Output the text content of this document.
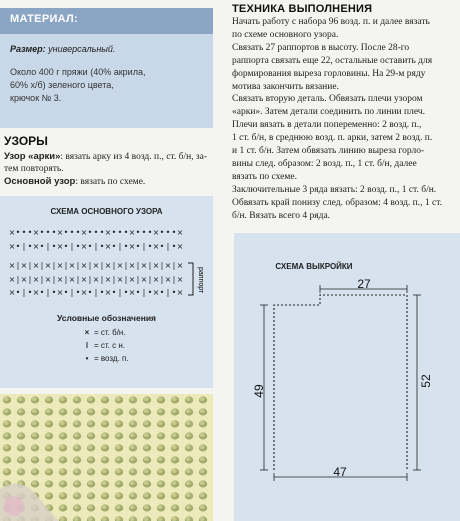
МАТЕРИАЛ:
Размер: универсальный.
Около 400 г пряжи (40% акрила,
60% х/б) зеленого цвета,
крючок № 3.
УЗОРЫ
Узор «арки»: вязать арку из 4 возд. п., ст. б/н, за-тем повторять.
Основной узор: вязать по схеме.
СХЕМА ОСНОВНОГО УЗОРА
× • • • × • • • × • • • × • • • × • • • × • • • × • • • ×
× • | • × • | • × • | • × • | • × • | • × • | • × • | • ×
× | × | × | × | × | × | × | × | × | × | × | × | × | × | ×
× | × | × | × | × | × | × | × | × | × | × | × | × | × | ×
× • | • × • | • × • | • × • | • × • | • × • | • × • | • × раппорт
Условные обозначения
× = ст. б/н.
ǀ = ст. с н.
• = возд. п.
ТЕХНИКА ВЫПОЛНЕНИЯ
Начать работу с набора 96 возд. п. и далее вязать
по схеме основного узора.
Связать 27 раппортов в высоту. После 28-го
раппорта связать еще 22, остальные оставить для
формирования выреза горловины. На 29-м ряду
мотива закончить вязание.
Связать вторую деталь. Обвязать плечи узором
«арки». Затем детали соединить по линии плеч.
Плечи вязать в детали попеременно: 2 возд. п.,
1 ст. б/н, в среднюю возд. п. арки, затем 2 возд. п.
и 1 ст. б/н. Затем обвязать линию выреза горло-
вины след. образом: 2 возд. п., 1 ст. б/н, далее
вязать по схеме.
Заключительные 3 ряда вязать: 2 возд. п., 1 ст. б/н.
Обвязать край понизу след. образом: 4 возд. п., 1 ст.
б/н. Вязать всего 4 ряда.
СХЕМА ВЫКРОЙКИ
27
49
52
47
